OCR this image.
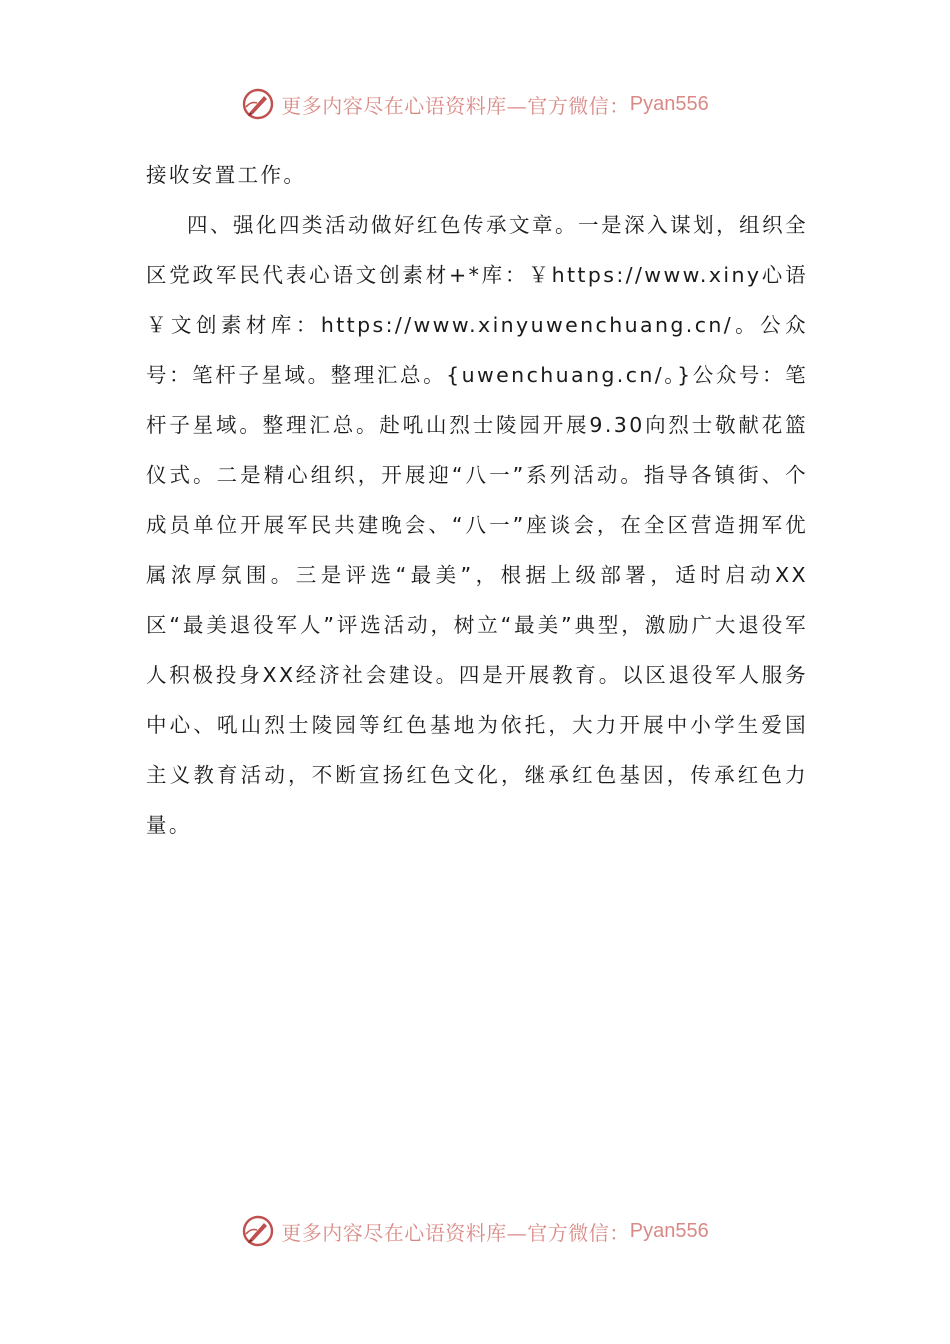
更多内容尽在心语资料库—官方微信： Pyan556

接收安置工作。

四、强化四类活动做好红色传承文章。一是深入谋划，组织全区党政军民代表心语文创素材+*库：￥https://www.xiny心语￥文创素材库：https://www.xinyuwenchuang.cn/。公众号：笔杆子星域。整理汇总。{uwenchuang.cn/。}公众号：笔杆子星域。整理汇总。赴吼山烈士陵园开展9.30向烈士敬献花篮仪式。二是精心组织，开展迎“八一”系列活动。指导各镇街、个成员单位开展军民共建晚会、“八一”座谈会，在全区营造拥军优属浓厚氛围。三是评选“最美”，根据上级部署，适时启动XX区“最美退役军人”评选活动，树立“最美”典型，激励广大退役军人积极投身XX经济社会建设。四是开展教育。以区退役军人服务中心、吼山烈士陵园等红色基地为依托，大力开展中小学生爱国主义教育活动，不断宣扬红色文化，继承红色基因，传承红色力量。

更多内容尽在心语资料库—官方微信： Pyan556
